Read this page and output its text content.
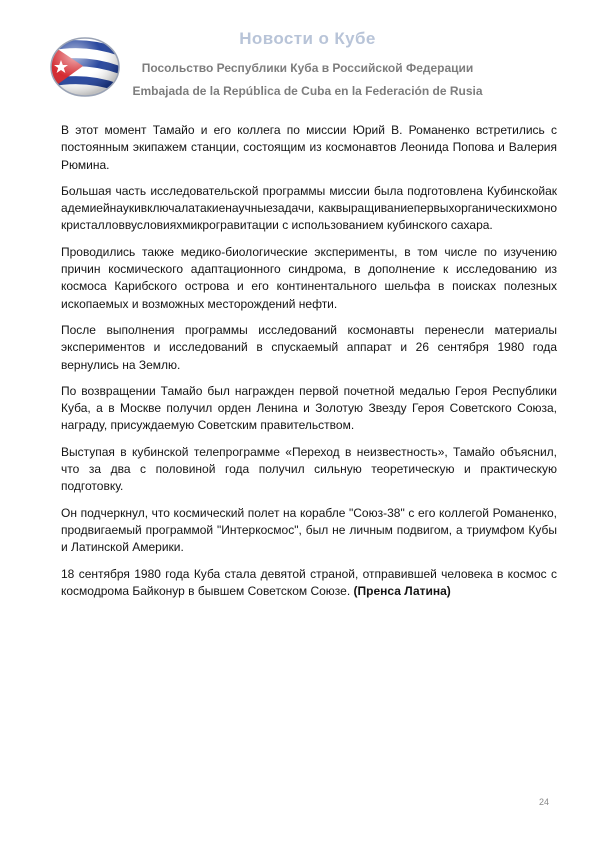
Новости о Кубе
Посольство Республики Куба в Российской Федерации
Embajada de la República de Cuba en la Federación de Rusia

В этот момент Тамайо и его коллега по миссии Юрий В. Романенко встретились с постоянным экипажем станции, состоящим из космонавтов Леонида Попова и Валерия Рюмина.

Большая часть исследовательской программы миссии была подготовлена Кубинскойакадемиейнаукивключалатакиенаучныезадачи, каквыращиваниепервыхорганическихмонокристалловвусловияхмикрогравитации с использованием кубинского сахара.

Проводились также медико-биологические эксперименты, в том числе по изучению причин космического адаптационного синдрома, в дополнение к исследованию из космоса Карибского острова и его континентального шельфа в поисках полезных ископаемых и возможных месторождений нефти.

После выполнения программы исследований космонавты перенесли материалы экспериментов и исследований в спускаемый аппарат и 26 сентября 1980 года вернулись на Землю.

По возвращении Тамайо был награжден первой почетной медалью Героя Республики Куба, а в Москве получил орден Ленина и Золотую Звезду Героя Советского Союза, награду, присуждаемую Советским правительством.

Выступая в кубинской телепрограмме «Переход в неизвестность», Тамайо объяснил, что за два с половиной года получил сильную теоретическую и практическую подготовку.

Он подчеркнул, что космический полет на корабле "Союз-38" с его коллегой Романенко, продвигаемый программой "Интеркосмос", был не личным подвигом, а триумфом Кубы и Латинской Америки.

18 сентября 1980 года Куба стала девятой страной, отправившей человека в космос с космодрома Байконур в бывшем Советском Союзе. (Пренса Латина)

24
